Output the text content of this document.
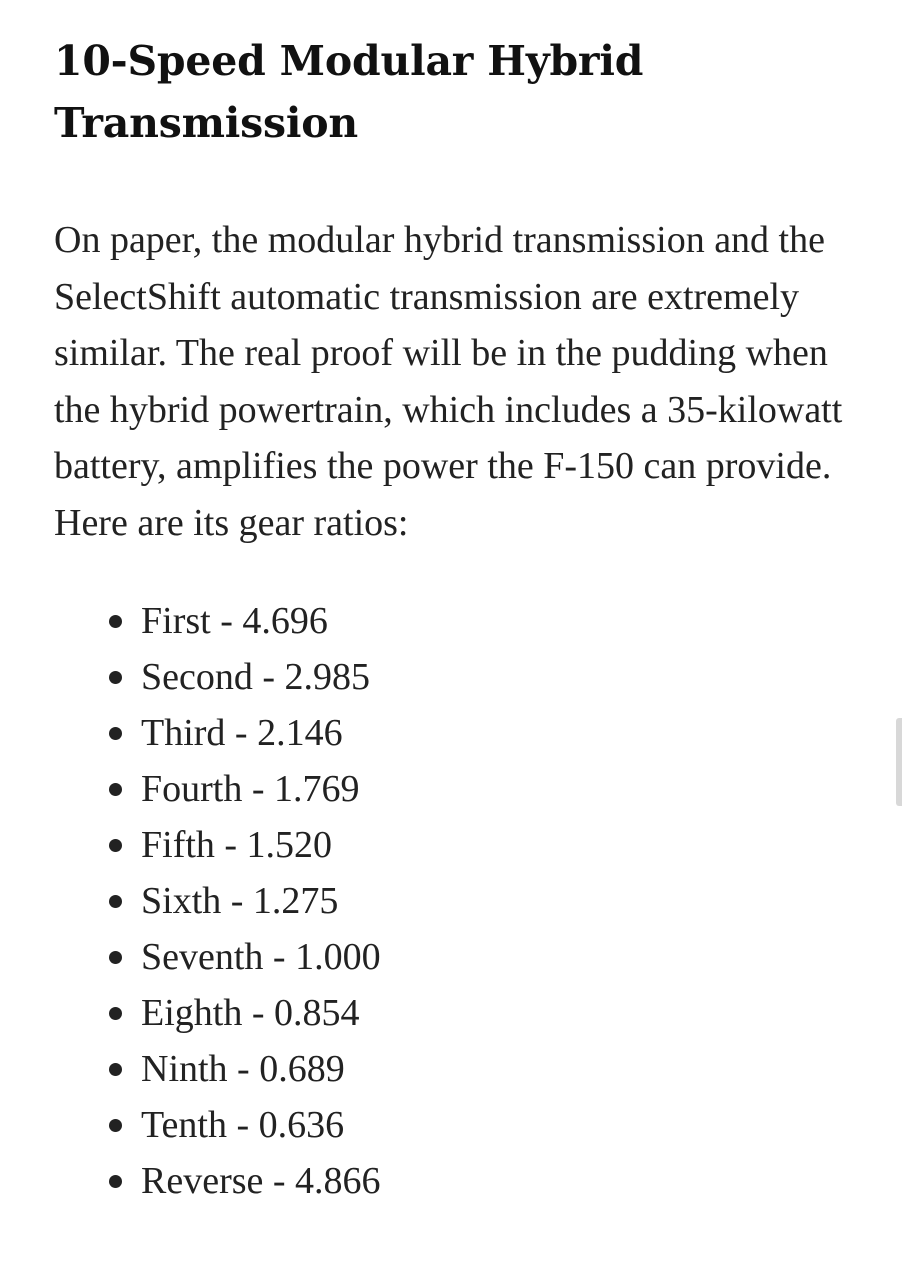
10-Speed Modular Hybrid Transmission

On paper, the modular hybrid transmission and the SelectShift automatic transmission are extremely similar. The real proof will be in the pudding when the hybrid powertrain, which includes a 35-kilowatt battery, amplifies the power the F-150 can provide. Here are its gear ratios:

First - 4.696
Second - 2.985
Third - 2.146
Fourth - 1.769
Fifth - 1.520
Sixth - 1.275
Seventh - 1.000
Eighth - 0.854
Ninth - 0.689
Tenth - 0.636
Reverse - 4.866
